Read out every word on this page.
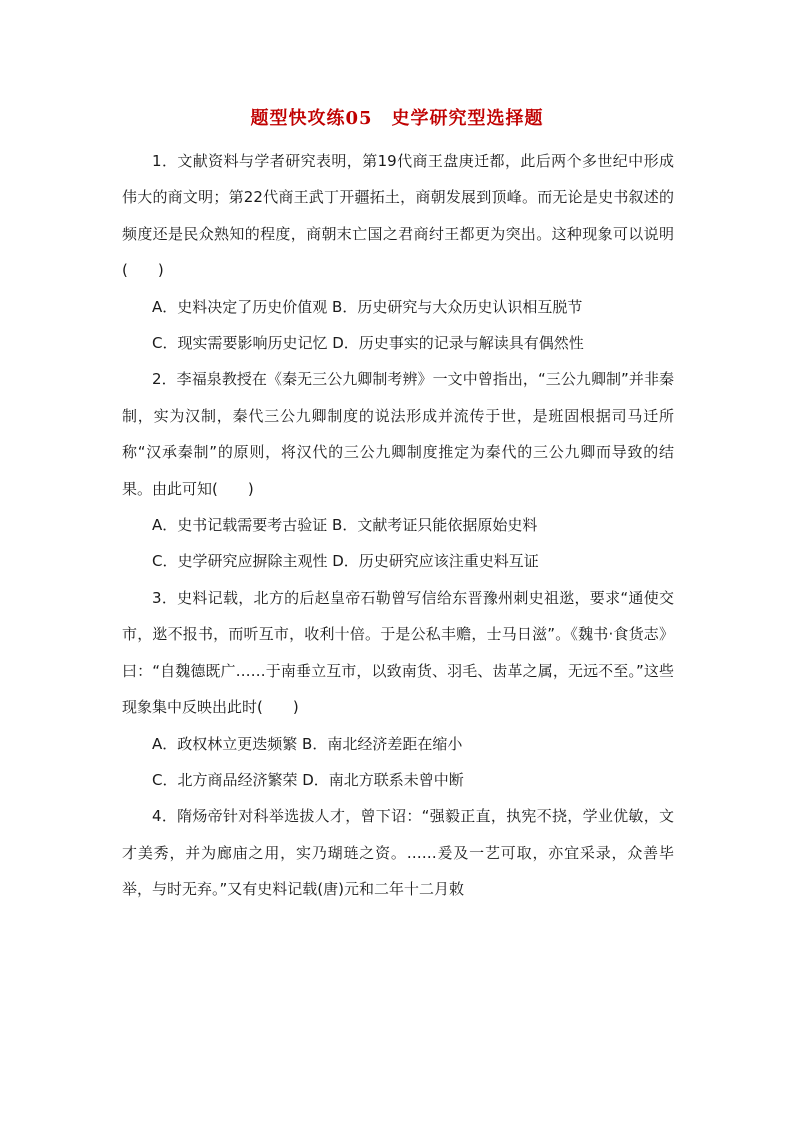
题型快攻练05　史学研究型选择题

1．文献资料与学者研究表明，第19代商王盘庚迁都，此后两个多世纪中形成伟大的商文明；第22代商王武丁开疆拓土，商朝发展到顶峰。而无论是史书叙述的频度还是民众熟知的程度，商朝末亡国之君商纣王都更为突出。这种现象可以说明(　　)

A．史料决定了历史价值观 B．历史研究与大众历史认识相互脱节

C．现实需要影响历史记忆 D．历史事实的记录与解读具有偶然性

2．李福泉教授在《秦无三公九卿制考辨》一文中曾指出，“三公九卿制”并非秦制，实为汉制，秦代三公九卿制度的说法形成并流传于世，是班固根据司马迁所称“汉承秦制”的原则，将汉代的三公九卿制度推定为秦代的三公九卿而导致的结果。由此可知(　　)

A．史书记载需要考古验证 B．文献考证只能依据原始史料

C．史学研究应摒除主观性 D．历史研究应该注重史料互证

3．史料记载，北方的后赵皇帝石勒曾写信给东晋豫州刺史祖逖，要求“通使交市，逖不报书，而听互市，收利十倍。于是公私丰赡，士马日滋”。《魏书·食货志》曰：“自魏德既广……于南垂立互市，以致南货、羽毛、齿革之属，无远不至。”这些现象集中反映出此时(　　)

A．政权林立更迭频繁 B．南北经济差距在缩小

C．北方商品经济繁荣 D．南北方联系未曾中断

4．隋炀帝针对科举选拔人才，曾下诏：“强毅正直，执宪不挠，学业优敏，文才美秀，并为廊庙之用，实乃瑚琏之资。……爰及一艺可取，亦宜采录，众善毕举，与时无弃。”又有史料记载(唐)元和二年十二月敕
